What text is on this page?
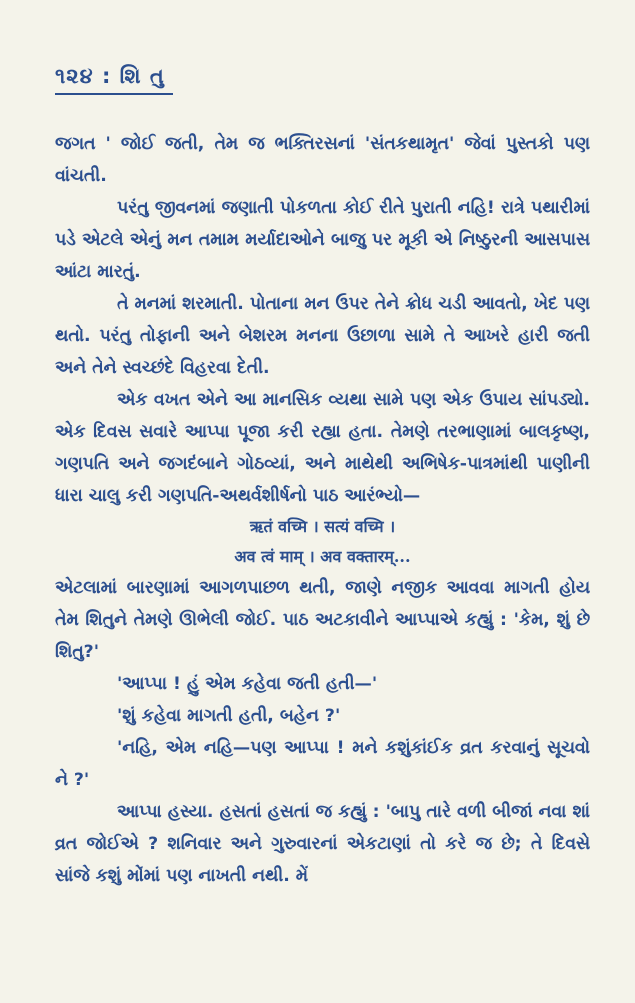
૧૨૪ : શિ તુ

જગત ' જોઈ જતી, તેમ જ ભક્તિરસનાં 'સંતકથામૃત' જેવાં પુસ્તકો પણ વાંચતી.

પરંતુ જીવનમાં જણાતી પોકળતા કોઈ રીતે પુરાતી નહિ! રાત્રે પથારીમાં પડે એટલે એનું મન તમામ મર્યાદાઓને બાજુ પર મૂકી એ નિષ્ઠુરની આસપાસ આંટા મારતું.

તે મનમાં શરમાતી. પોતાના મન ઉપર તેને ક્રોધ ચડી આવતો, ખેદ પણ થતો. પરંતુ તોફાની અને બેશરમ મનના ઉછાળા સામે તે આખરે હારી જતી અને તેને સ્વચ્છંદે વિહરવા દેતી.

એક વખત એને આ માનસિક વ્યથા સામે પણ એક ઉપાય સાંપડ્યો. એક દિવસ સવારે આપ્પા પૂજા કરી રહ્યા હતા. તેમણે તરભાણામાં બાલકૃષ્ણ, ગણપતિ અને જગદંબાને ગોઠવ્યાં, અને માથેથી અભિષેક-પાત્રમાંથી પાણીની ધારા ચાલુ કરી ગણપતિ-અથર્વશીર્ષનો પાઠ આરંભ્યો—

ऋतं वच्मि । सत्यं वच्मि ।
अव त्वं माम् । अव वक्तारम्...

એટલામાં બારણામાં આગળપાછળ થતી, જાણે નજીક આવવા માગતી હોય તેમ શિતુને તેમણે ઊભેલી જોઈ. પાઠ અટકાવીને આપ્પાએ કહ્યું : 'કેમ, શું છે શિતુ?'

'આપ્પા ! હું એમ કહેવા જતી હતી—'

'શું કહેવા માગતી હતી, બહેન ?'

'નહિ, એમ નહિ—પણ આપ્પા ! મને કશુંકાંઈક વ્રત કરવાનું સૂચવો ને ?'

આપ્પા હસ્યા. હસતાં હસતાં જ કહ્યું : 'બાપુ તારે વળી બીજાં નવા શાં વ્રત જોઈએ ? શનિવાર અને ગુરુવારનાં એકટાણાં તો કરે જ છે; તે દિવસે સાંજે કશું મોંમાં પણ નાખતી નથી. મેં
